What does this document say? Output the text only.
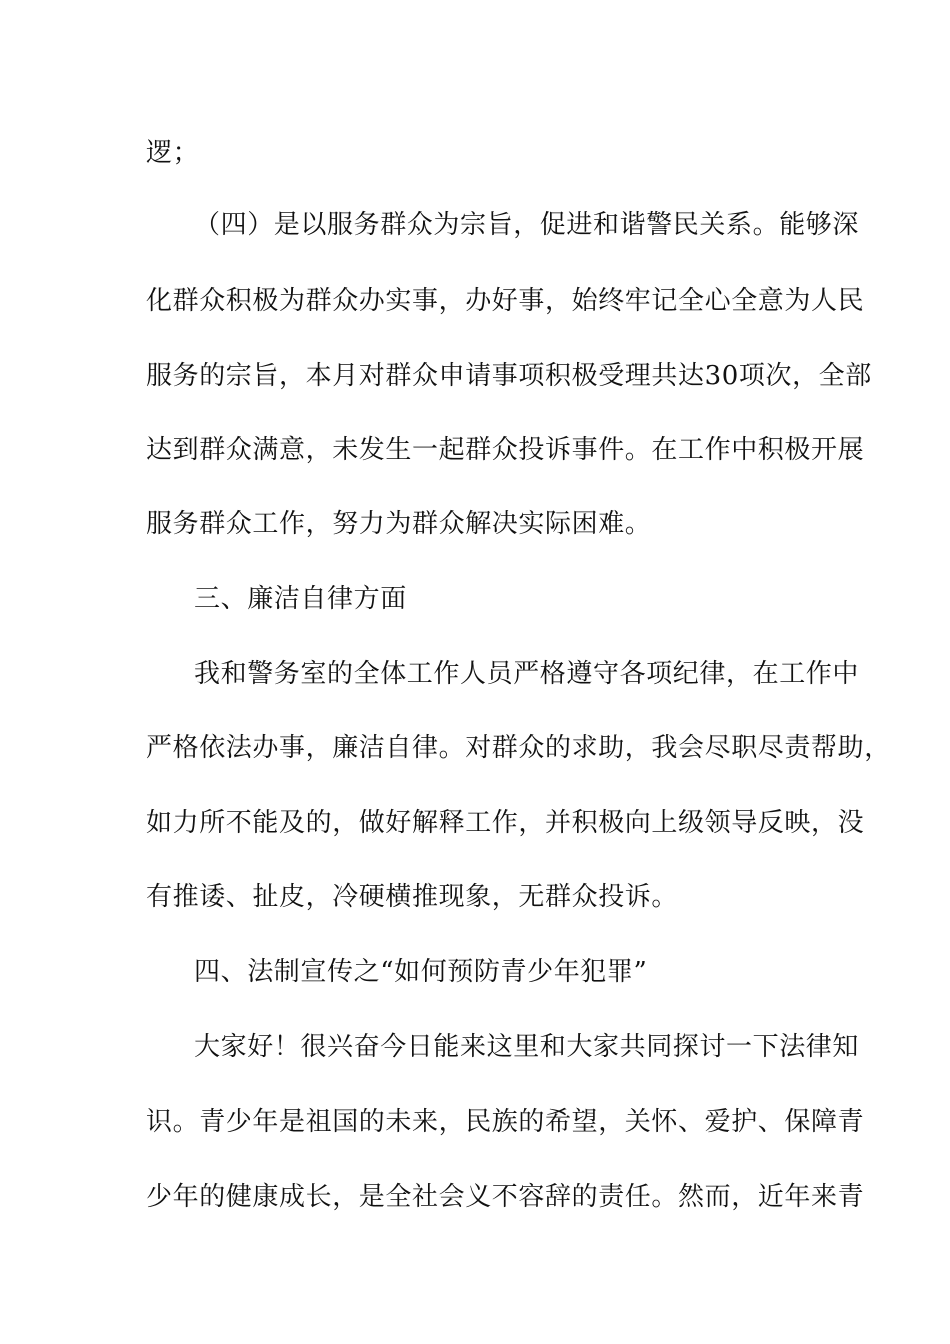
逻；
（四）是以服务群众为宗旨，促进和谐警民关系。能够深
化群众积极为群众办实事，办好事，始终牢记全心全意为人民
服务的宗旨，本月对群众申请事项积极受理共达30项次，全部
达到群众满意，未发生一起群众投诉事件。在工作中积极开展
服务群众工作，努力为群众解决实际困难。
三、廉洁自律方面
我和警务室的全体工作人员严格遵守各项纪律，在工作中
严格依法办事，廉洁自律。对群众的求助，我会尽职尽责帮助，
如力所不能及的，做好解释工作，并积极向上级领导反映，没
有推诿、扯皮，冷硬横推现象，无群众投诉。
四、法制宣传之“如何预防青少年犯罪”
大家好！很兴奋今日能来这里和大家共同探讨一下法律知
识。青少年是祖国的未来，民族的希望，关怀、爱护、保障青
少年的健康成长，是全社会义不容辞的责任。然而，近年来青
